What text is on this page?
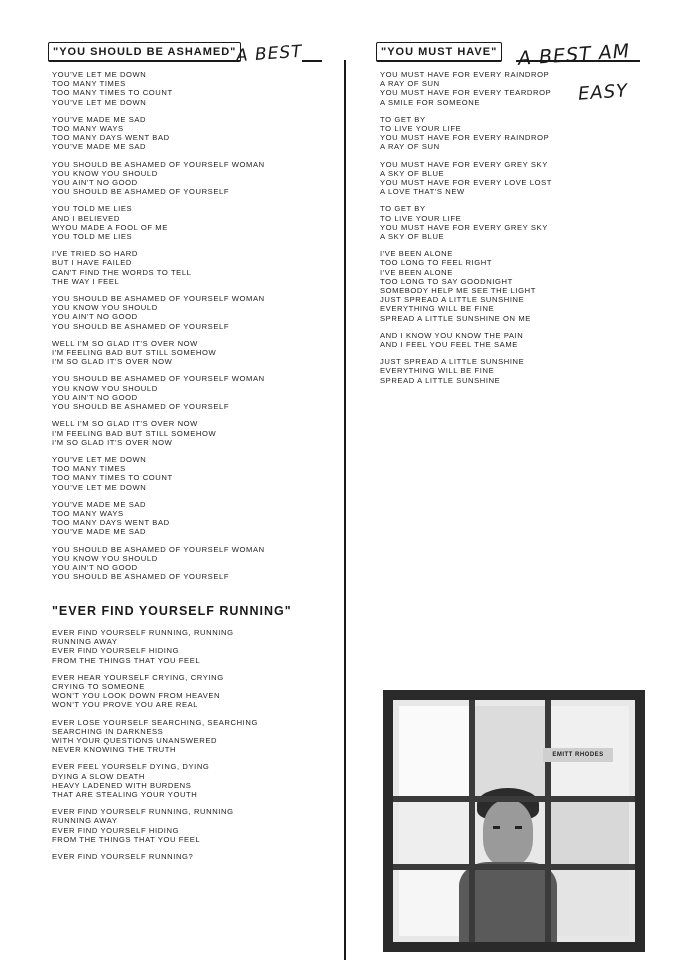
"YOU SHOULD BE ASHAMED"
YOU'VE LET ME DOWN
TOO MANY TIMES
TOO MANY TIMES TO COUNT
YOU'VE LET ME DOWN
YOU'VE MADE ME SAD
TOO MANY WAYS
TOO MANY DAYS WENT BAD
YOU'VE MADE ME SAD
YOU SHOULD BE ASHAMED OF YOURSELF WOMAN
YOU KNOW YOU SHOULD
YOU AIN'T NO GOOD
YOU SHOULD BE ASHAMED OF YOURSELF
YOU TOLD ME LIES
AND I BELIEVED
WYOU MADE A FOOL OF ME
YOU TOLD ME LIES
I'VE TRIED SO HARD
BUT I HAVE FAILED
CAN'T FIND THE WORDS TO TELL
THE WAY I FEEL
YOU SHOULD BE ASHAMED OF YOURSELF WOMAN
YOU KNOW YOU SHOULD
YOU AIN'T NO GOOD
YOU SHOULD BE ASHAMED OF YOURSELF
WELL I'M SO GLAD IT'S OVER NOW
I'M FEELING BAD BUT STILL SOMEHOW
I'M SO GLAD IT'S OVER NOW
YOU SHOULD BE ASHAMED OF YOURSELF WOMAN
YOU KNOW YOU SHOULD
YOU AIN'T NO GOOD
YOU SHOULD BE ASHAMED OF YOURSELF
WELL I'M SO GLAD IT'S OVER NOW
I'M FEELING BAD BUT STILL SOMEHOW
I'M SO GLAD IT'S OVER NOW
YOU'VE LET ME DOWN
TOO MANY TIMES
TOO MANY TIMES TO COUNT
YOU'VE LET ME DOWN
YOU'VE MADE ME SAD
TOO MANY WAYS
TOO MANY DAYS WENT BAD
YOU'VE MADE ME SAD
YOU SHOULD BE ASHAMED OF YOURSELF WOMAN
YOU KNOW YOU SHOULD
YOU AIN'T NO GOOD
YOU SHOULD BE ASHAMED OF YOURSELF
A BEST
"EVER FIND YOURSELF RUNNING"
EVER FIND YOURSELF RUNNING, RUNNING
RUNNING AWAY
EVER FIND YOURSELF HIDING
FROM THE THINGS THAT YOU FEEL
EVER HEAR YOURSELF CRYING, CRYING
CRYING TO SOMEONE
WON'T YOU LOOK DOWN FROM HEAVEN
WON'T YOU PROVE YOU ARE REAL
EVER LOSE YOURSELF SEARCHING, SEARCHING
SEARCHING IN DARKNESS
WITH YOUR QUESTIONS UNANSWERED
NEVER KNOWING THE TRUTH
EVER FEEL YOURSELF DYING, DYING
DYING A SLOW DEATH
HEAVY LADENED WITH BURDENS
THAT ARE STEALING YOUR YOUTH
EVER FIND YOURSELF RUNNING, RUNNING
RUNNING AWAY
EVER FIND YOURSELF HIDING
FROM THE THINGS THAT YOU FEEL
EVER FIND YOURSELF RUNNING?
"YOU MUST HAVE"
YOU MUST HAVE FOR EVERY RAINDROP
A RAY OF SUN
YOU MUST HAVE FOR EVERY TEARDROP
A SMILE FOR SOMEONE
TO GET BY
TO LIVE YOUR LIFE
YOU MUST HAVE FOR EVERY RAINDROP
A RAY OF SUN
YOU MUST HAVE FOR EVERY GREY SKY
A SKY OF BLUE
YOU MUST HAVE FOR EVERY LOVE LOST
A LOVE THAT'S NEW
TO GET BY
TO LIVE YOUR LIFE
YOU MUST HAVE FOR EVERY GREY SKY
A SKY OF BLUE
I'VE BEEN ALONE
TOO LONG TO FEEL RIGHT
I'VE BEEN ALONE
TOO LONG TO SAY GOODNIGHT
SOMEBODY HELP ME SEE THE LIGHT
JUST SPREAD A LITTLE SUNSHINE
EVERYTHING WILL BE FINE
SPREAD A LITTLE SUNSHINE ON ME
AND I KNOW YOU KNOW THE PAIN
AND I FEEL YOU FEEL THE SAME
JUST SPREAD A LITTLE SUNSHINE
EVERYTHING WILL BE FINE
SPREAD A LITTLE SUNSHINE
A BEST AM
EASY
EMITT RHODES
